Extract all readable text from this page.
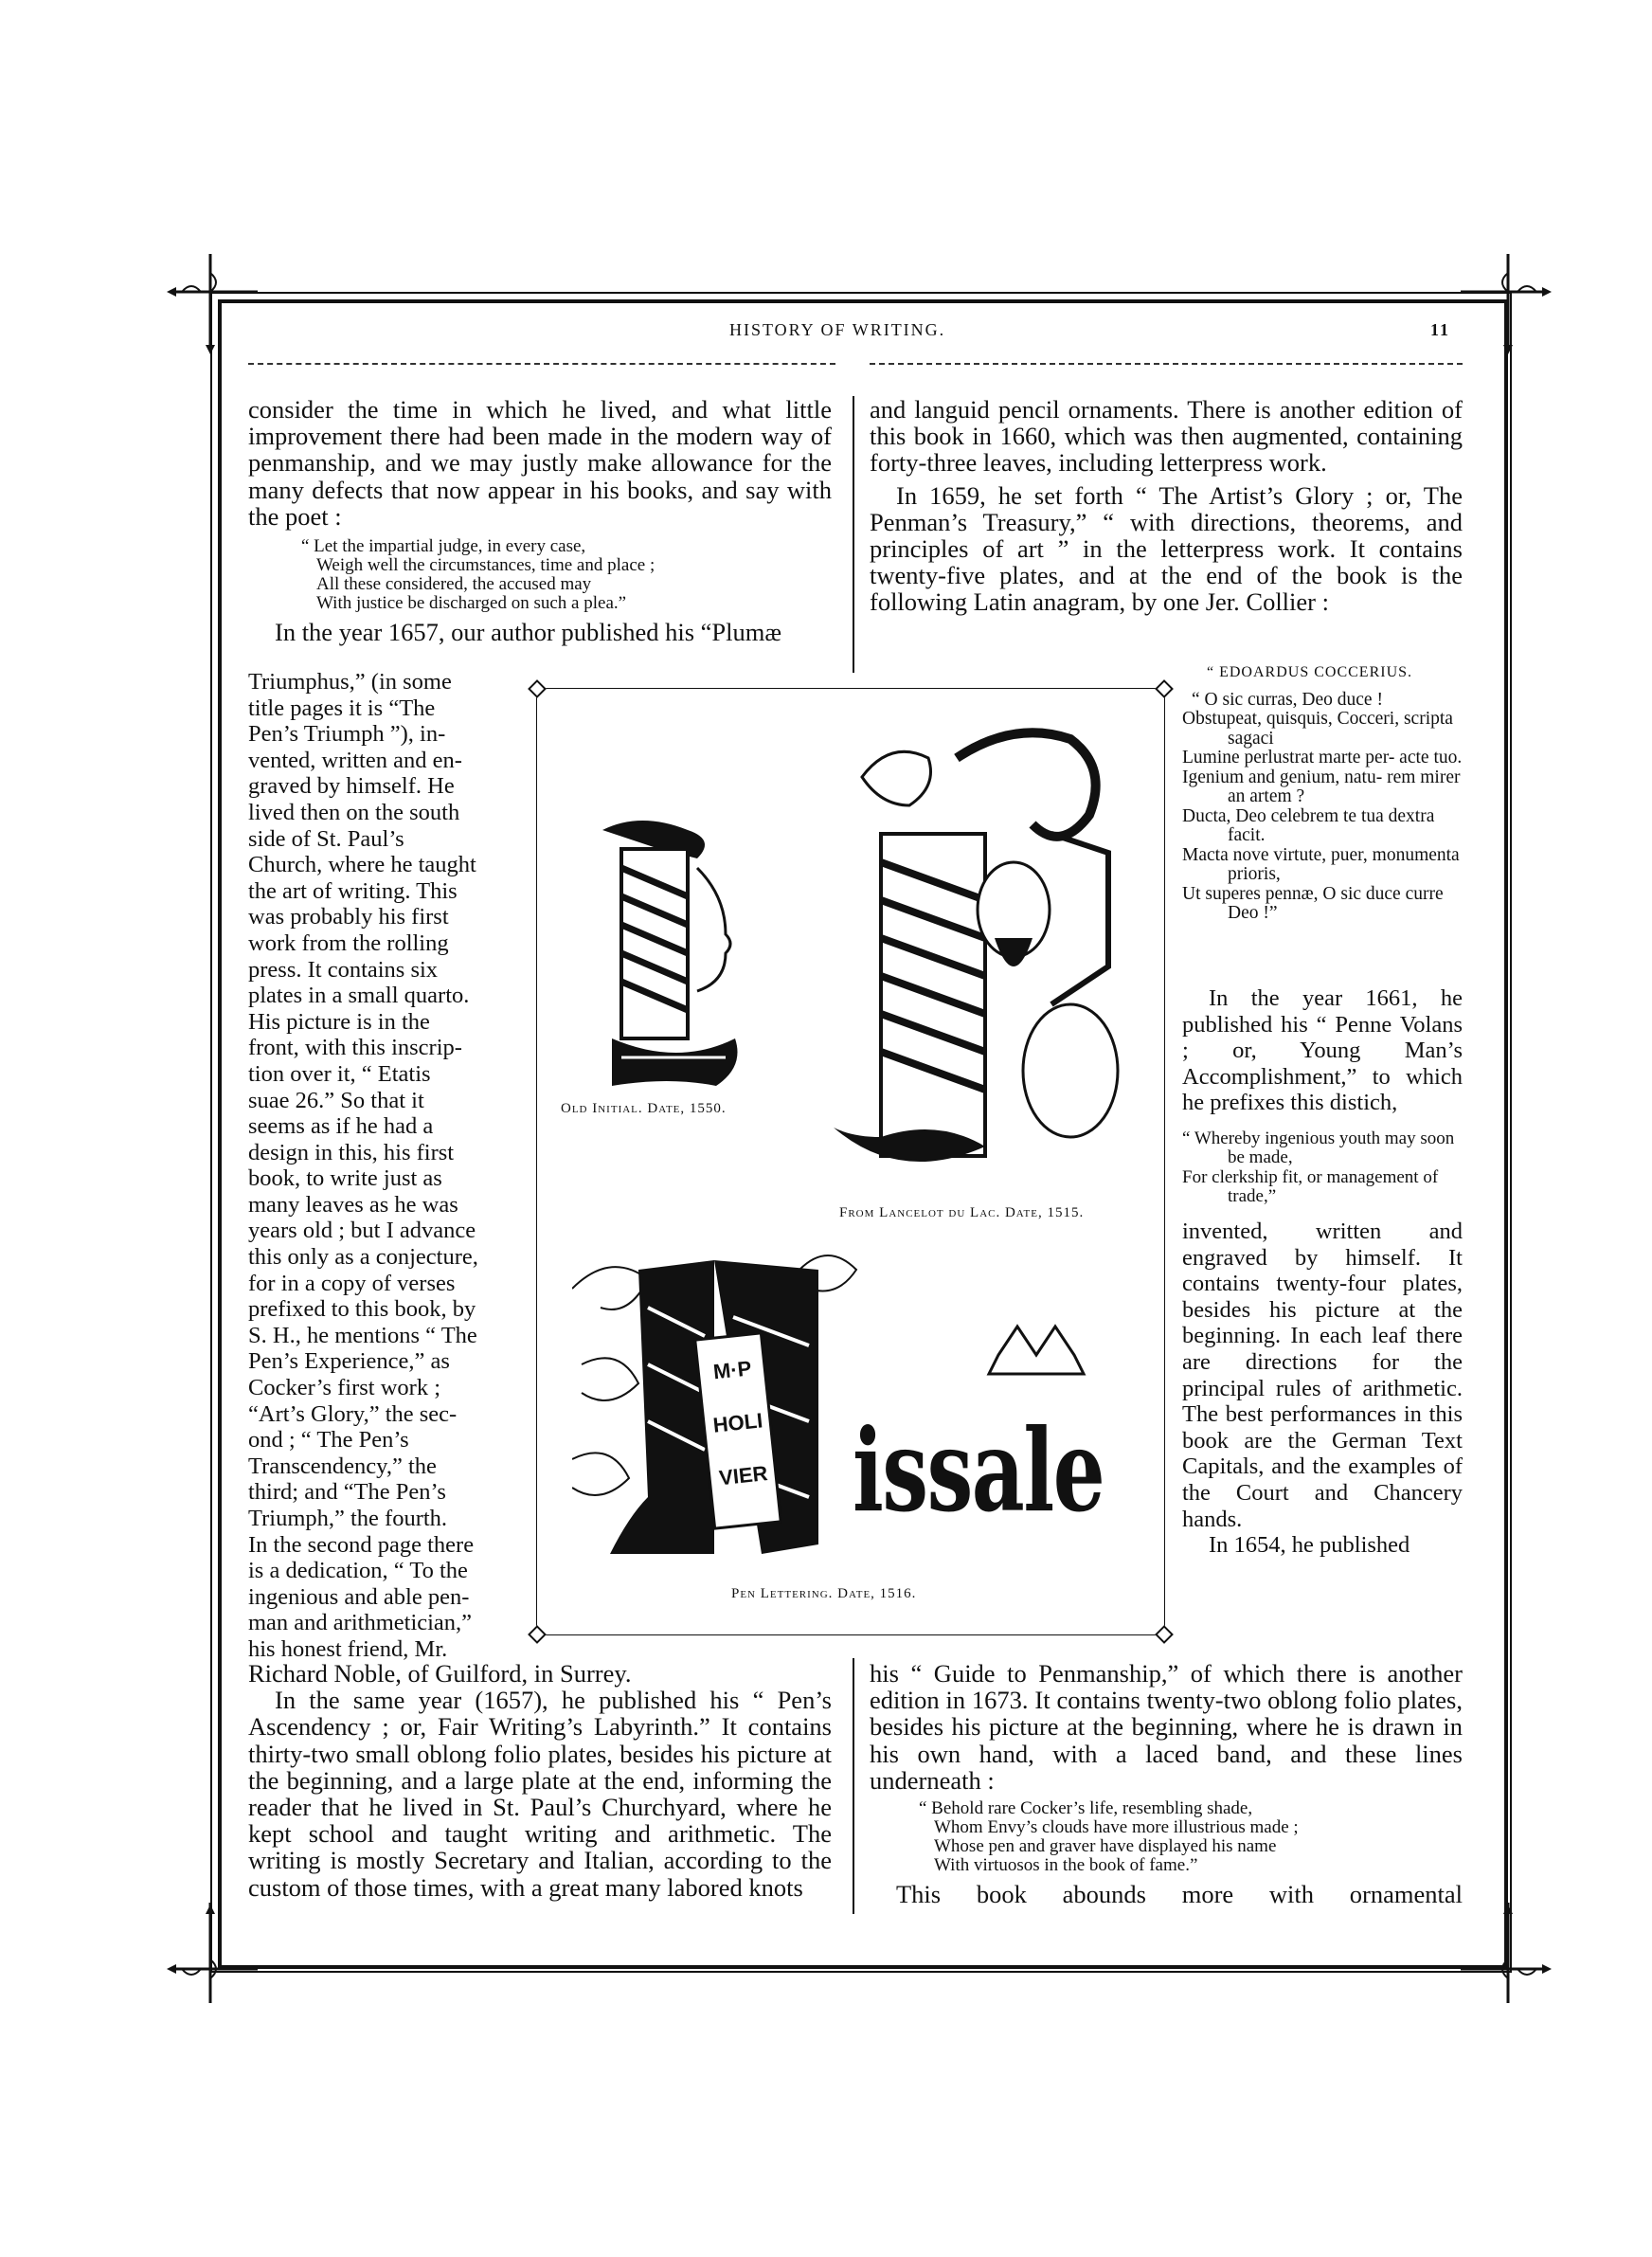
HISTORY OF WRITING.	11

consider the time in which he lived, and what little improvement there had been made in the modern way of penmanship, and we may justly make allowance for the many defects that now appear in his books, and say with the poet :

“ Let the impartial judge, in every case,

Weigh well the circumstances, time and place ;

All these considered, the accused may

With justice be discharged on such a plea.”

In the year 1657, our author published his “Plumæ

Triumphus,” (in some
title pages it is “The
Pen’s Triumph ”), in-
vented, written and en-
graved by himself. He
lived then on the south
side of St. Paul’s
Church, where he taught
the art of writing. This
was probably his first
work from the rolling
press. It contains six
plates in a small quarto.
His picture is in the
front, with this inscrip-
tion over it, “ Etatis
suae 26.” So that it
seems as if he had a
design in this, his first
book, to write just as
many leaves as he was
years old ; but I advance
this only as a conjecture,
for in a copy of verses
prefixed to this book, by
S. H., he mentions “ The
Pen’s Experience,” as
Cocker’s first work ;
“Art’s Glory,” the sec-
ond ; “ The Pen’s
Transcendency,” the
third; and “The Pen’s
Triumph,” the fourth.
In the second page there
is a dedication, “ To the
ingenious and able pen-
man and arithmetician,”
his honest friend, Mr.

Richard Noble, of Guilford, in Surrey.

In the same year (1657), he published his “ Pen’s Ascendency ; or, Fair Writing’s Labyrinth.” It contains thirty-two small oblong folio plates, besides his picture at the beginning, and a large plate at the end, informing the reader that he lived in St. Paul’s Churchyard, where he kept school and taught writing and arithmetic. The writing is mostly Secretary and Italian, according to the custom of those times, with a great many labored knots

and languid pencil ornaments. There is another edition of this book in 1660, which was then augmented, containing forty-three leaves, including letterpress work.

In 1659, he set forth “ The Artist’s Glory ; or, The Penman’s Treasury,” “ with directions, theorems, and principles of art ” in the letterpress work. It contains twenty-five plates, and at the end of the book is the following Latin anagram, by one Jer. Collier :

“ EDOARDUS COCCERIUS.
“ O sic curras, Deo duce !
Obstupeat, quisquis, Cocceri, scripta sagaci
Lumine perlustrat marte per- acte tuo.
Igenium and genium, natu- rem mirer an artem ?
Ducta, Deo celebrem te tua dextra facit.
Macta nove virtute, puer, monumenta prioris,
Ut superes pennæ, O sic duce curre Deo !”

In the year 1661, he published his “ Penne Volans ; or, Young Man’s Accomplishment,” to which he prefixes this distich,

“ Whereby ingenious youth may soon be made,
For clerkship fit, or management of trade,”

invented, written and engraved by himself. It contains twenty-four plates, besides his picture at the beginning. In each leaf there are directions for the principal rules of arithmetic. The best performances in this book are the German Text Capitals, and the examples of the Court and Chancery hands.

In 1654, he published

his “ Guide to Penmanship,” of which there is another edition in 1673. It contains twenty-two oblong folio plates, besides his picture at the beginning, where he is drawn in his own hand, with a laced band, and these lines underneath :

“ Behold rare Cocker’s life, resembling shade,

Whom Envy’s clouds have more illustrious made ;

Whose pen and graver have displayed his name

With virtuosos in the book of fame.”

This book abounds more with ornamental

Old Initial. Date, 1550.
From Lancelot du Lac. Date, 1515.
M·P
HOLI
VIER issale
Pen Lettering. Date, 1516.
